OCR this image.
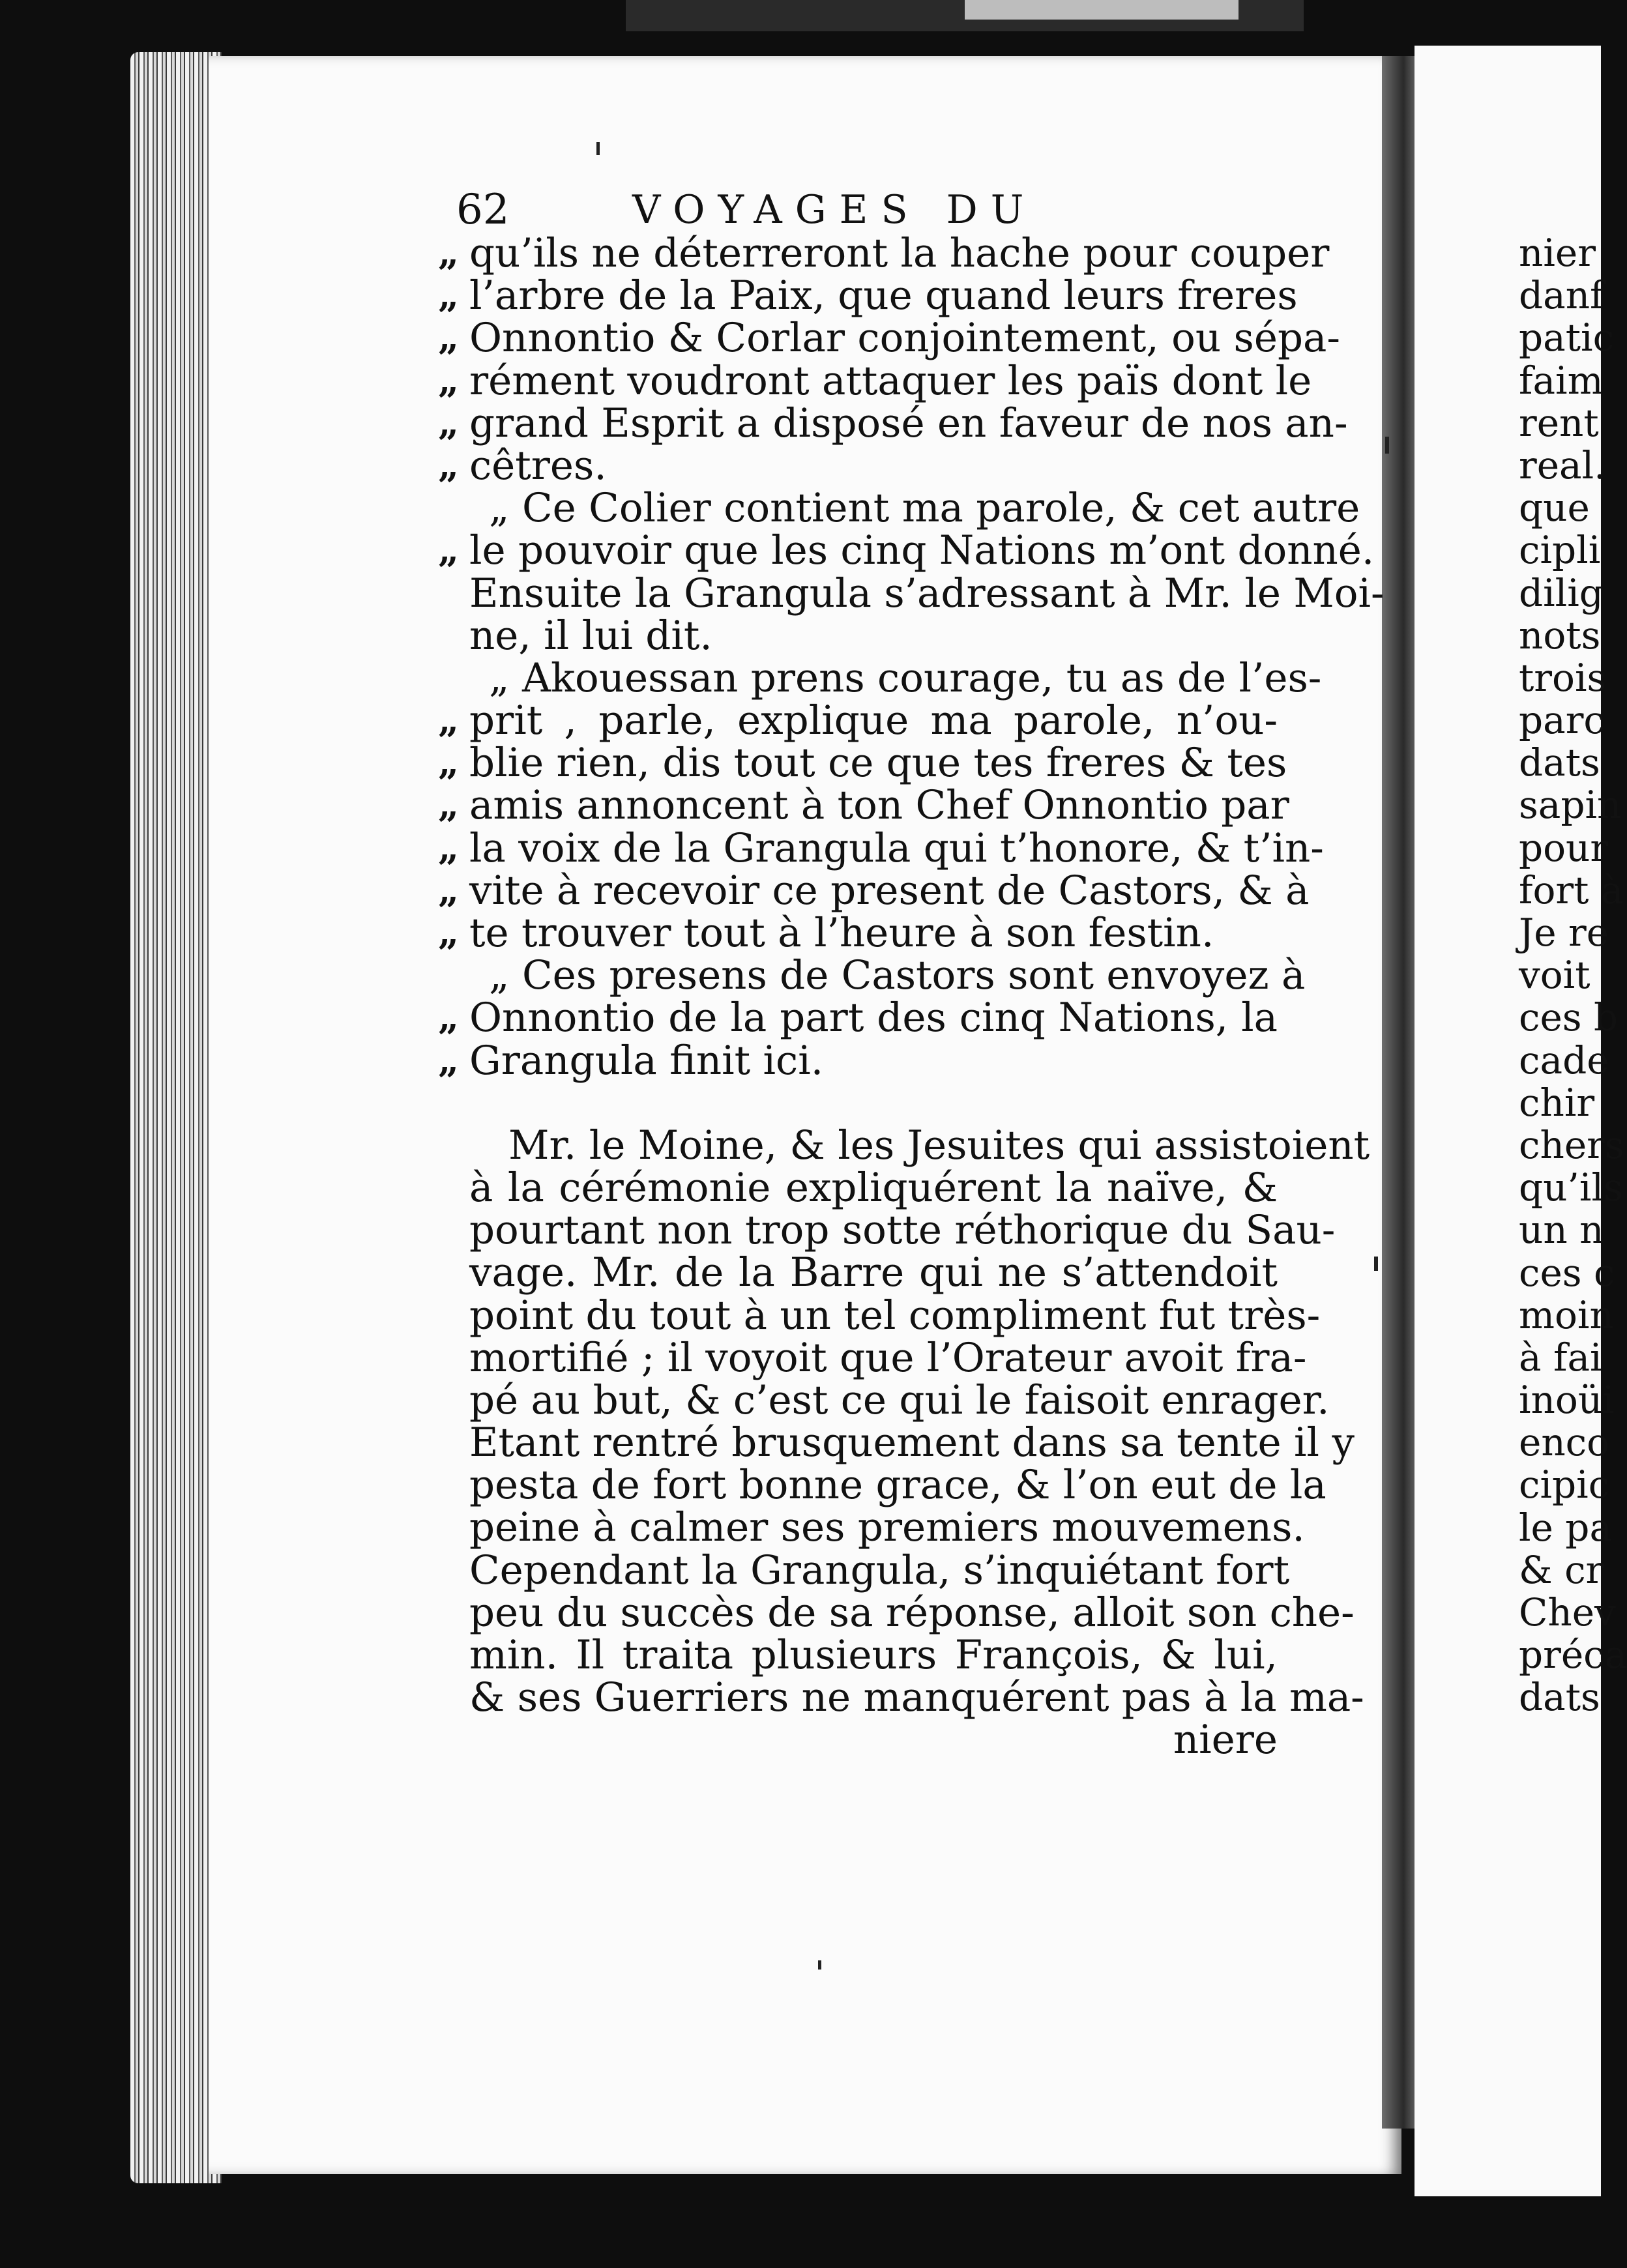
62	VOYAGES DU
„ qu’ils ne déterreront la hache pour couper
„ l’arbre de la Paix, que quand leurs freres
„ Onnontio & Corlar conjointement, ou sépa-
„ rément voudront attaquer les païs dont le
„ grand Esprit a disposé en faveur de nos an-
„ cêtres.
„ Ce Colier contient ma parole, & cet autre
„ le pouvoir que les cinq Nations m’ont donné.
Ensuite la Grangula s’adressant à Mr. le Moi-
ne, il lui dit.
„ Akouessan prens courage, tu as de l’es-
„ prit , parle, explique ma parole, n’ou-
„ blie rien, dis tout ce que tes freres & tes
„ amis annoncent à ton Chef Onnontio par
„ la voix de la Grangula qui t’honore, & t’in-
„ vite à recevoir ce present de Castors, & à
„ te trouver tout à l’heure à son festin.
„ Ces presens de Castors sont envoyez à
„ Onnontio de la part des cinq Nations, la
„ Grangula finit ici.
Mr. le Moine, & les Jesuites qui assistoient
à la cérémonie expliquérent la naïve, &
pourtant non trop sotte réthorique du Sau-
vage. Mr. de la Barre qui ne s’attendoit
point du tout à un tel compliment fut très-
mortifié ; il voyoit que l’Orateur avoit fra-
pé au but, & c’est ce qui le faisoit enrager.
Etant rentré brusquement dans sa tente il y
pesta de fort bonne grace, & l’on eut de la
peine à calmer ses premiers mouvemens.
Cependant la Grangula, s’inquiétant fort
peu du succès de sa réponse, alloit son che-
min. Il traita plusieurs François, & lui,
& ses Guerriers ne manquérent pas à la ma-
niere
nier
danf
patic
faim
rent
real.
que
cipli
dilig
nots
trois
parc
dats
sapin
pour
fort à
Je re
voit
ces b
cade
chir
chers
qu’ils
un n
ces c
moin
à fai
inoüi
enco
cipic
le pa
& cr
Chev
préca
dats
